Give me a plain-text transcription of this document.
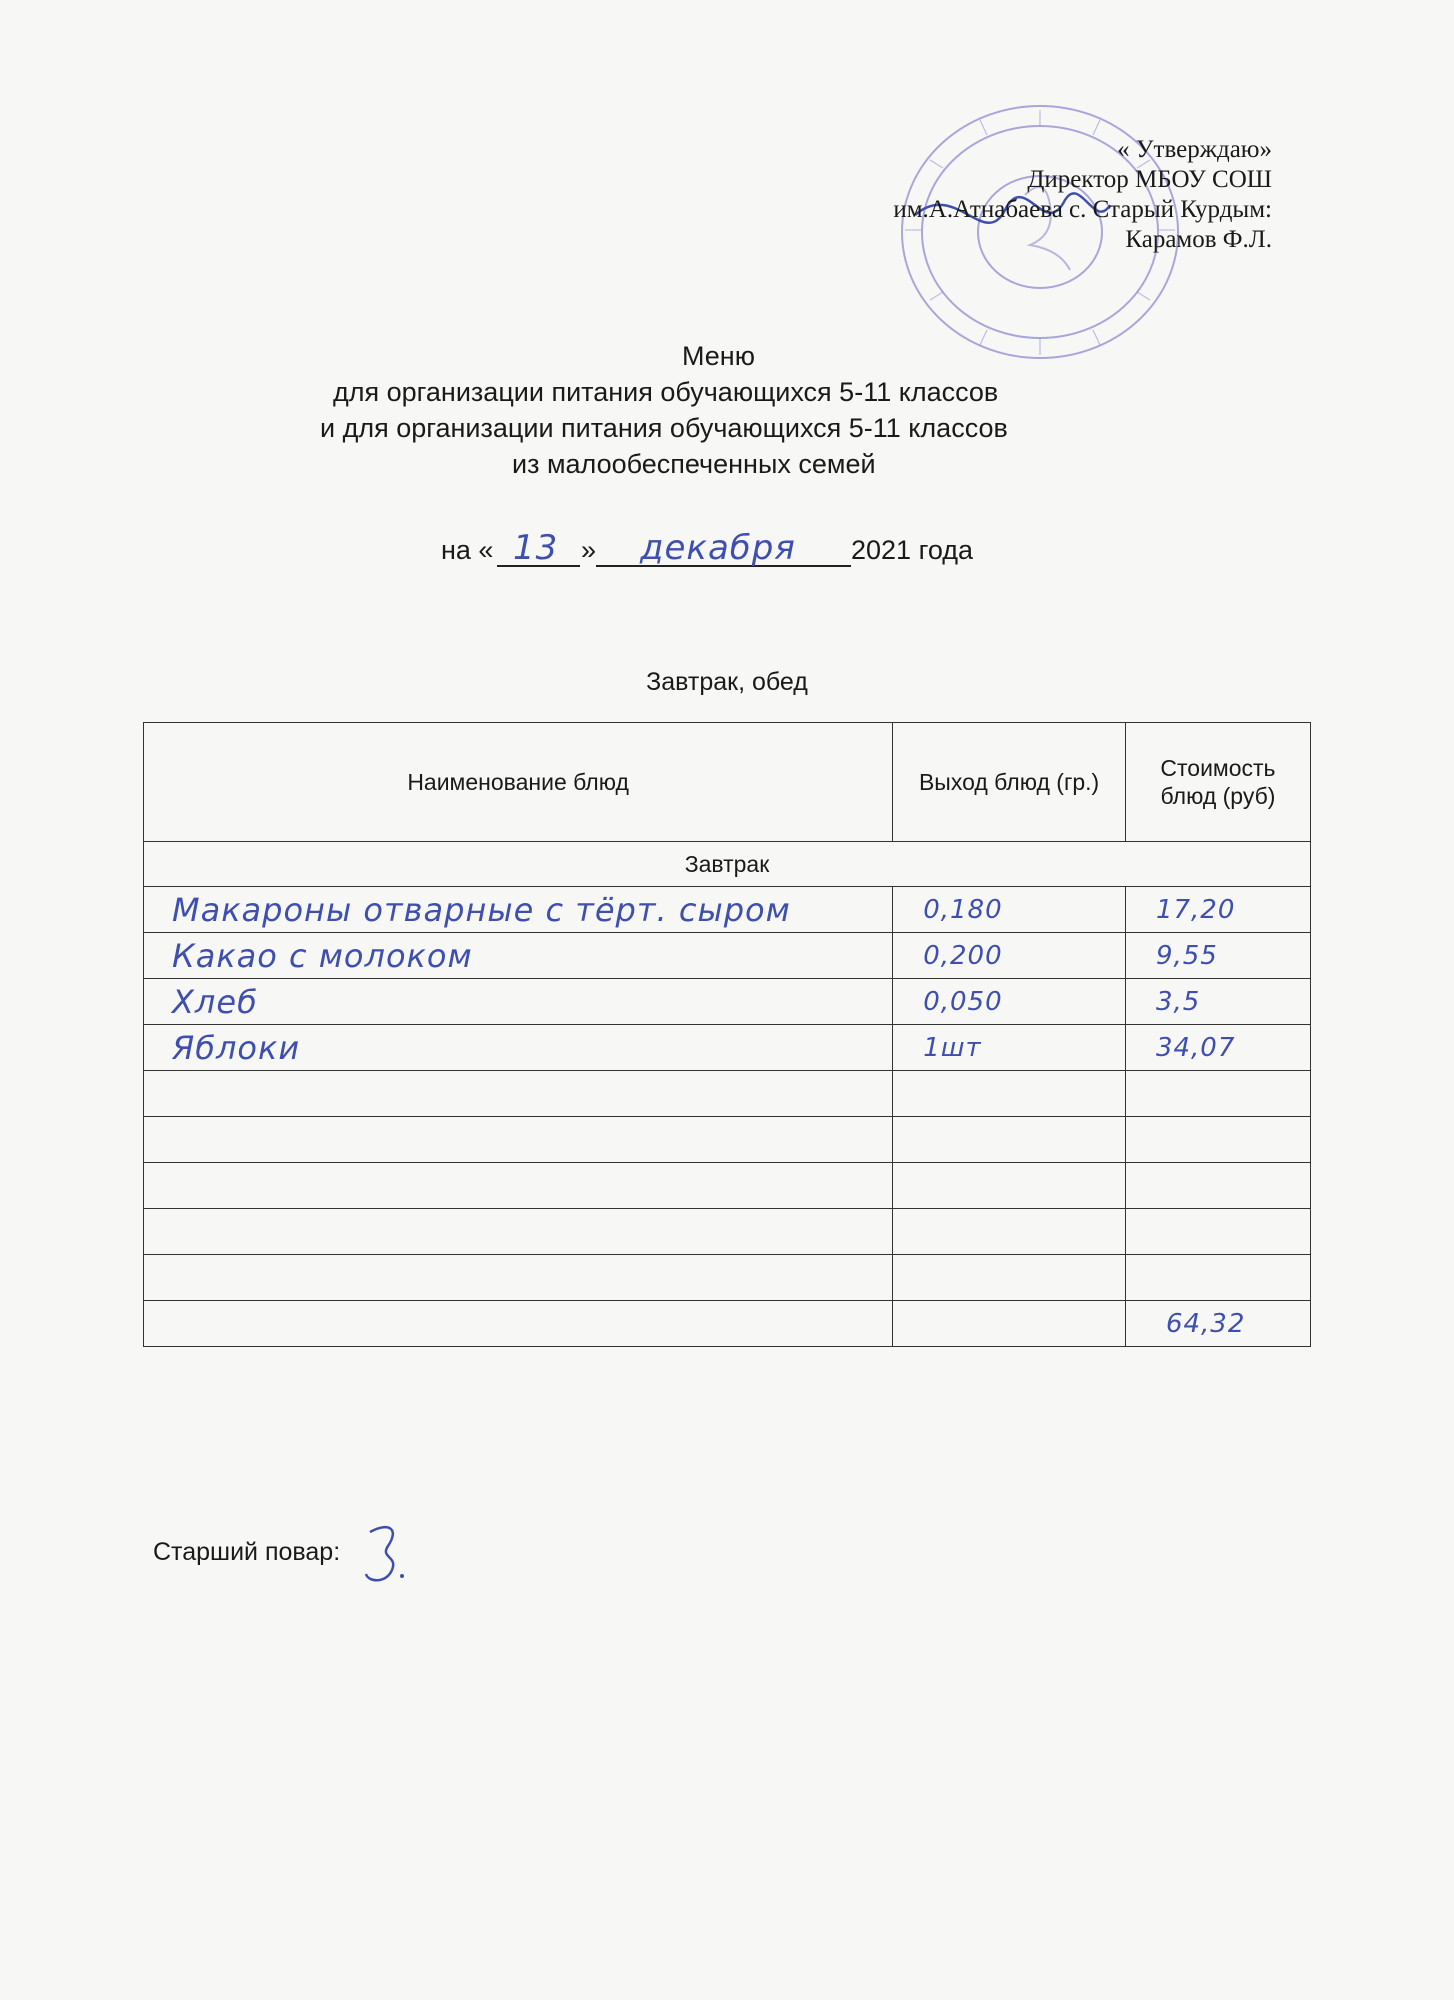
« Утверждаю»
Директор МБОУ СОШ
им.А.Атнабаева с. Старый Курдым:
Карамов Ф.Л.
Меню
для организации питания обучающихся 5-11 классов
и для организации питания обучающихся 5-11 классов
из малообеспеченных семей
на «	»	2021 года
13 декабря
Завтрак, обед
Наименование блюд	Выход блюд (гр.)	Стоимость блюд (руб)
Завтрак		
Макароны отварные с тёрт. сыром	0,180	17,20
Какао с молоком	0,200	9,55
Хлеб	0,050	3,5
Яблоки	1шт	34,07

		64,32
Старший повар:
